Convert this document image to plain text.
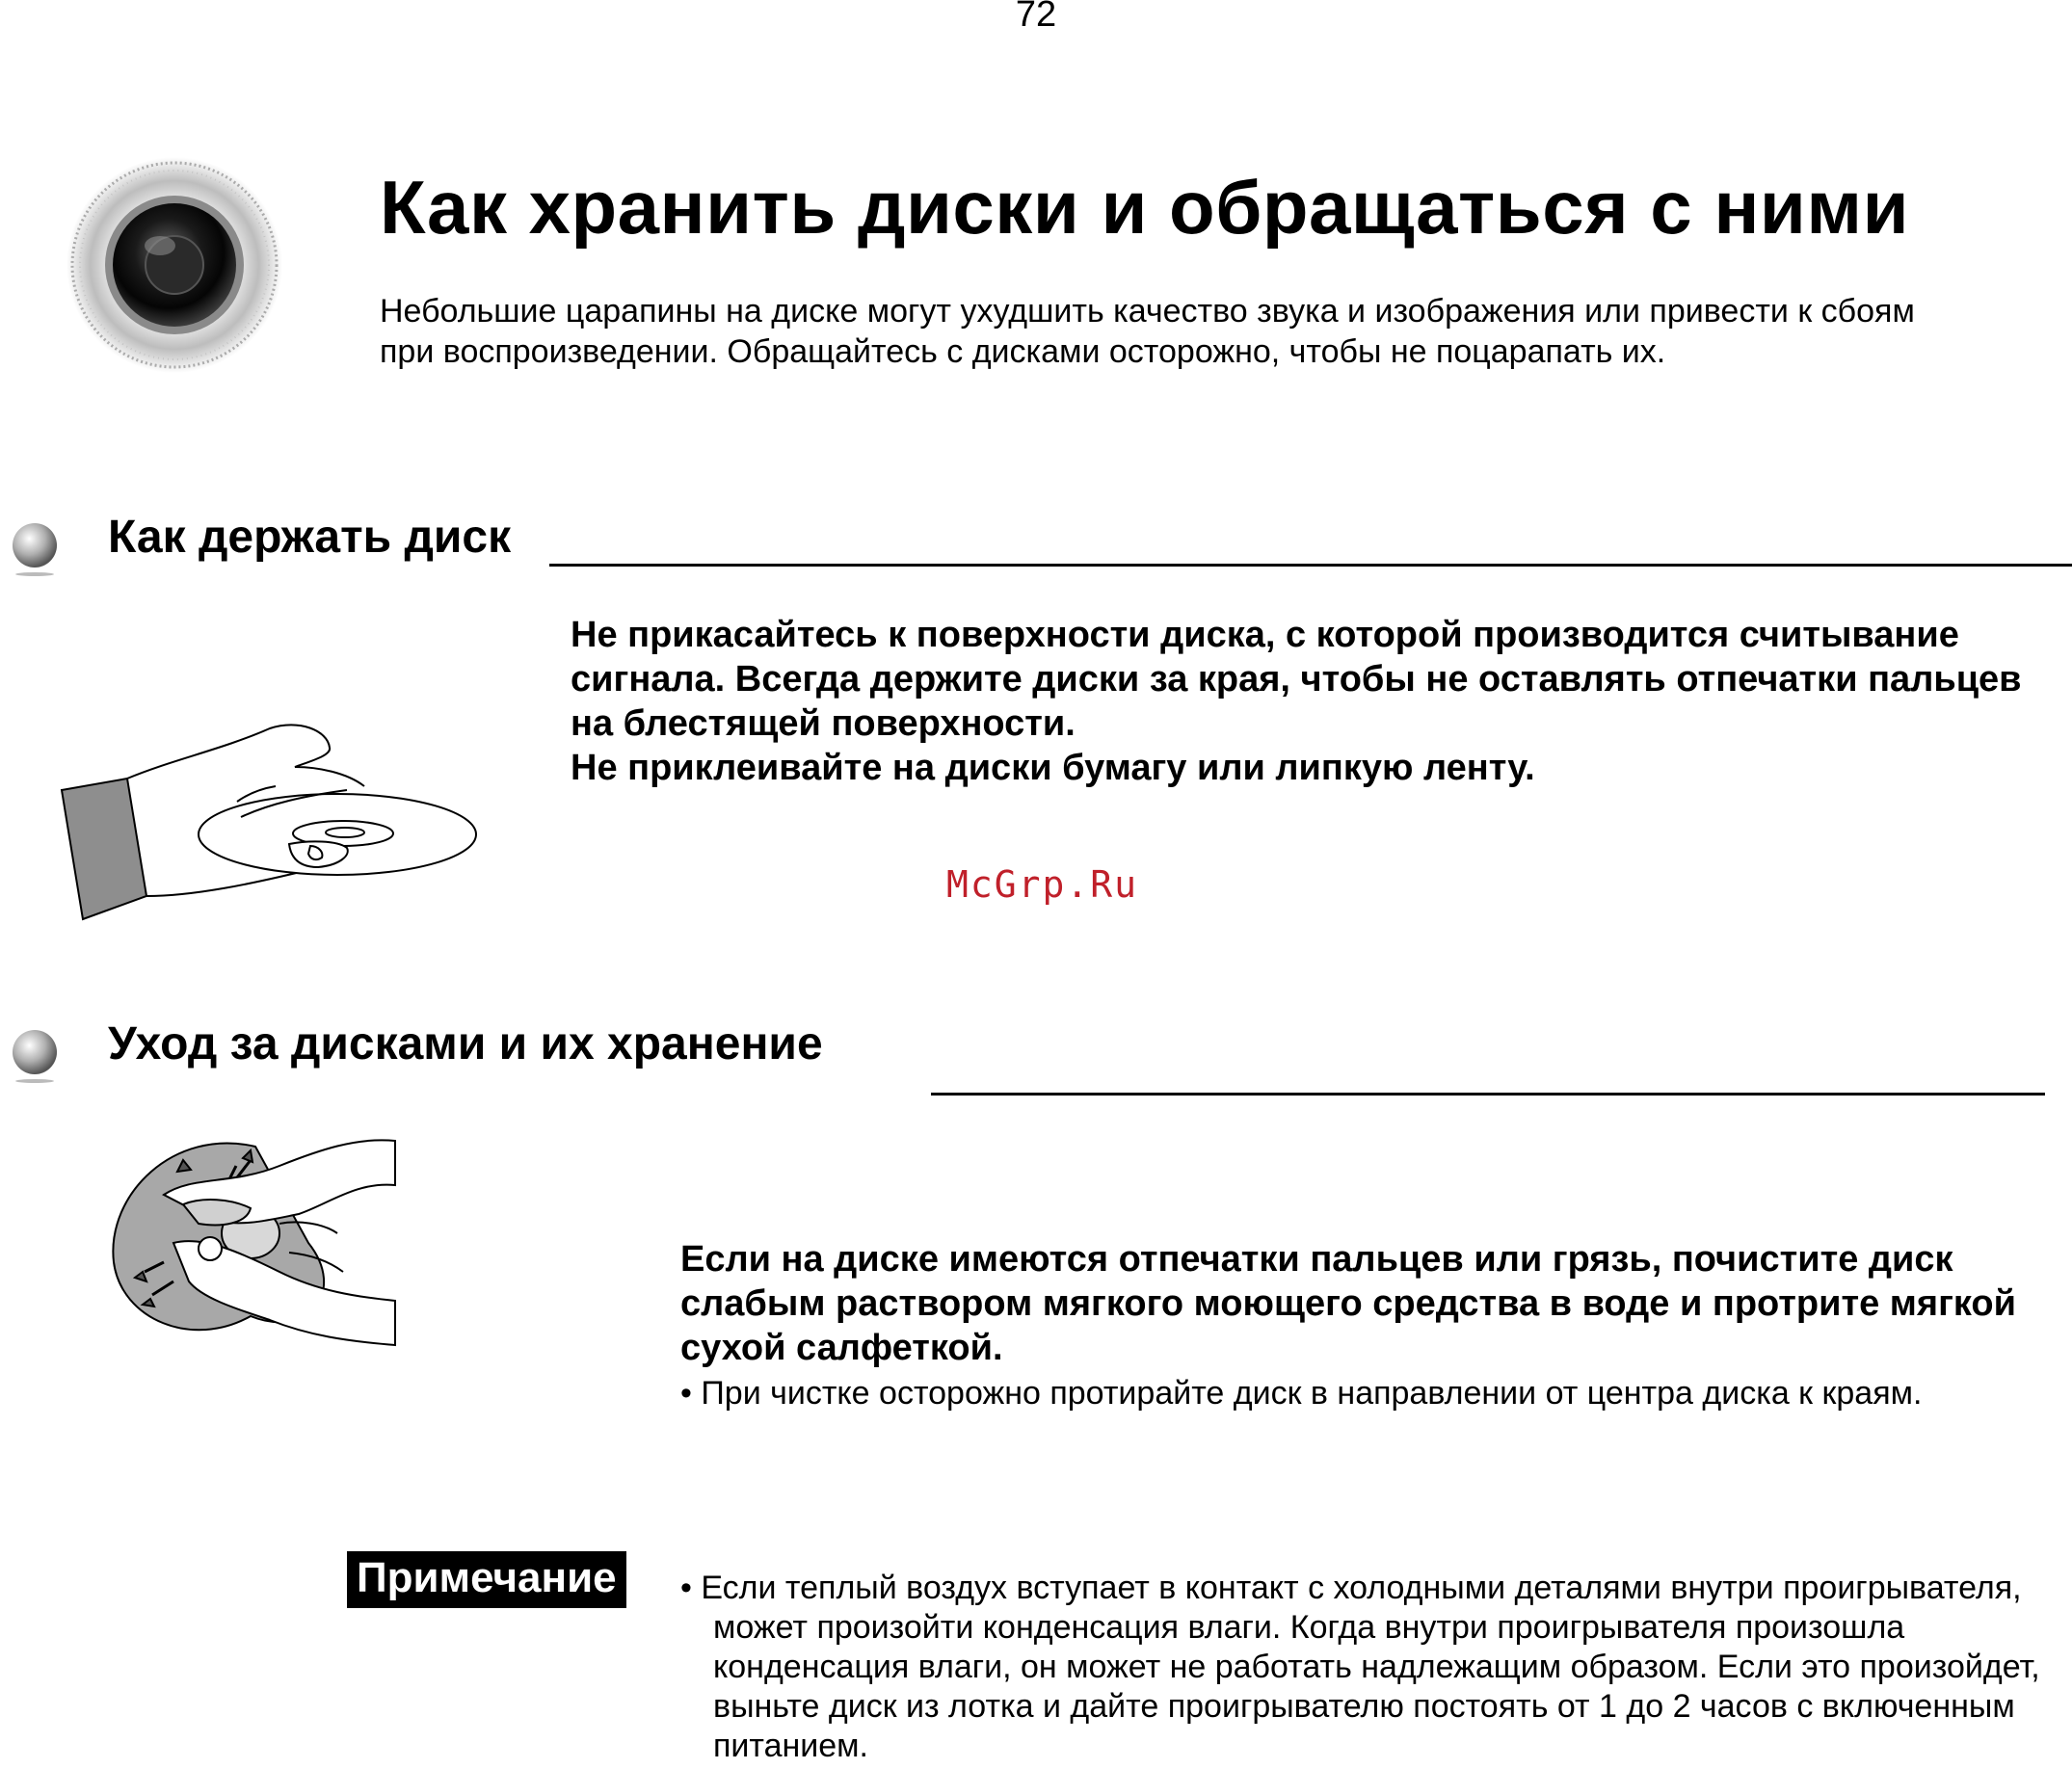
72
Как хранить диски и обращаться с ними
Небольшие царапины на диске могут ухудшить качество звука и изображения или привести к сбоям при воспроизведении. Обращайтесь с дисками осторожно, чтобы не поцарапать их.
Как держать диск
Не прикасайтесь к поверхности диска, с которой производится считывание сигнала. Всегда держите диски за края, чтобы не оставлять отпечатки пальцев на блестящей поверхности.
Не приклеивайте на диски бумагу или липкую ленту.
McGrp.Ru
Уход за дисками и их хранение
Если на диске имеются отпечатки пальцев или грязь, почистите диск слабым раствором мягкого моющего средства в воде и протрите мягкой сухой салфеткой.
• При чистке осторожно протирайте диск в направлении от центра диска к краям.
Примечание • Если теплый воздух вступает в контакт с холодными деталями внутри проигрывателя, может произойти конденсация влаги. Когда внутри проигрывателя произошла конденсация влаги, он может не работать надлежащим образом. Если это произойдет, выньте диск из лотка и дайте проигрывателю постоять от 1 до 2 часов с включенным питанием.
